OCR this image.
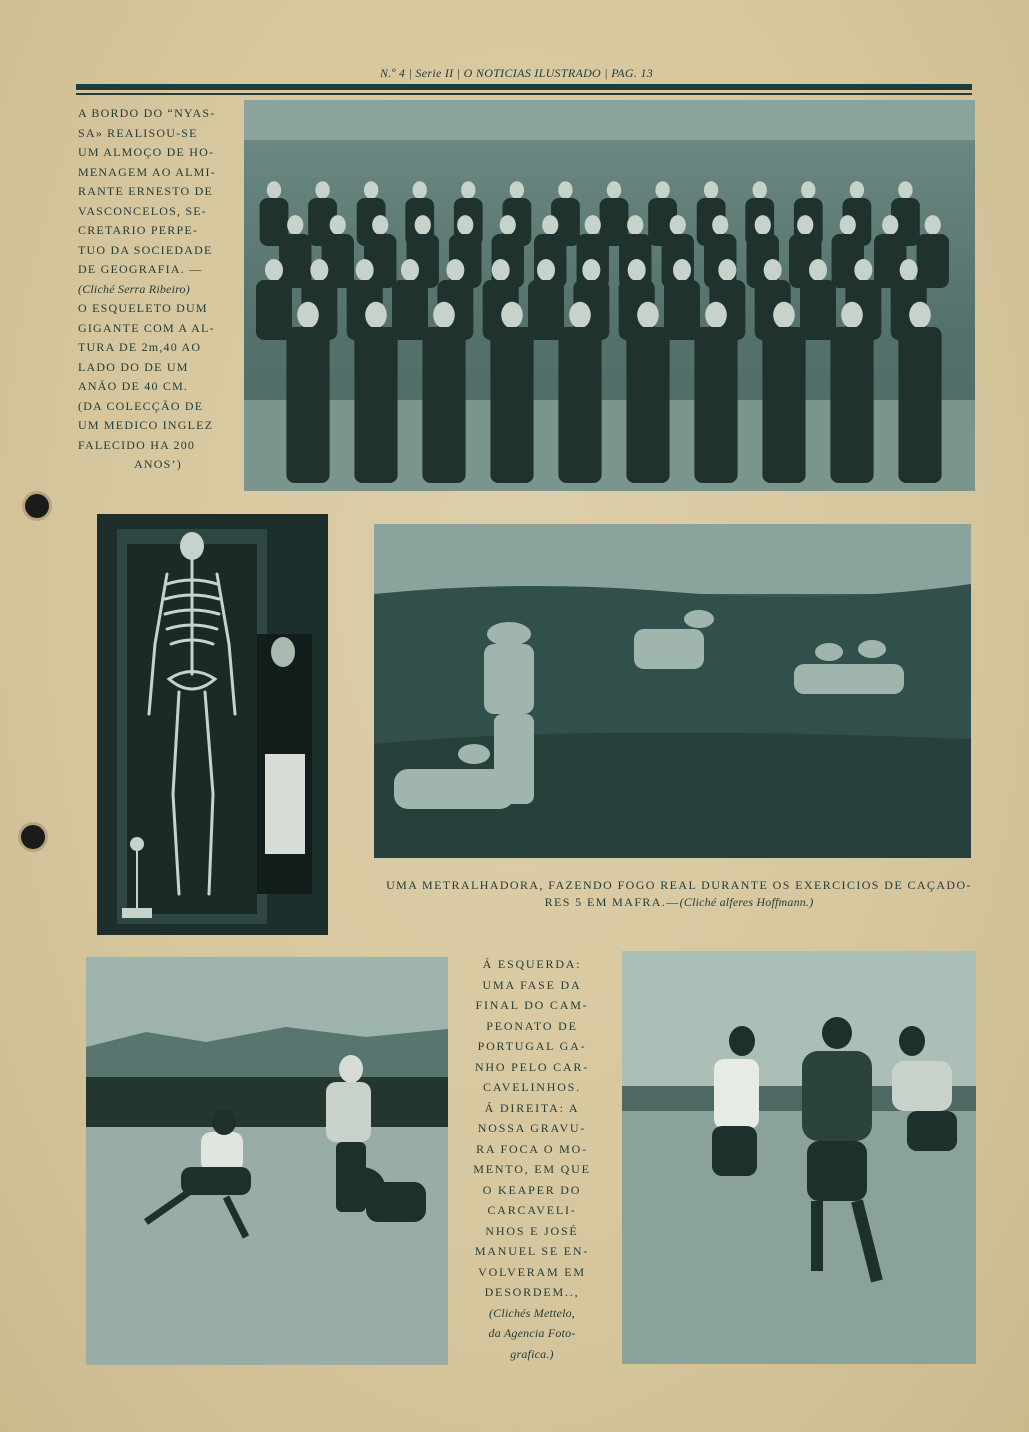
N.º 4 | Serie II | O NOTICIAS ILUSTRADO | PAG. 13
A BORDO DO “NYAS-
SA» REALISOU-SE
UM ALMOÇO DE HO-
MENAGEM AO ALMI-
RANTE ERNESTO DE
VASCONCELOS, SE-
CRETARIO PERPE-
TUO DA SOCIEDADE
DE GEOGRAFIA. —
(Cliché Serra Ribeiro)
O ESQUELETO DUM
GIGANTE COM A AL-
TURA DE 2m,40 AO
LADO DO DE UM
ANÃO DE 40 CM.
(DA COLECÇÃO DE
UM MEDICO INGLEZ
FALECIDO HA 200
ANOS’)
UMA METRALHADORA, FAZENDO FOGO REAL DURANTE OS EXERCICIOS DE CAÇADO-
RES 5 EM MAFRA.—(Cliché alferes Hoffmann.)
Á ESQUERDA:
UMA FASE DA
FINAL DO CAM-
PEONATO DE
PORTUGAL GA-
NHO PELO CAR-
CAVELINHOS.
Á DIREITA: A
NOSSA GRAVU-
RA FOCA O MO-
MENTO, EM QUE
O KEAPER DO
CARCAVELI-
NHOS E JOSÉ
MANUEL SE EN-
VOLVERAM EM
DESORDEM..,
(Clichés Mettelo,
da Agencia Foto-
grafica.)
